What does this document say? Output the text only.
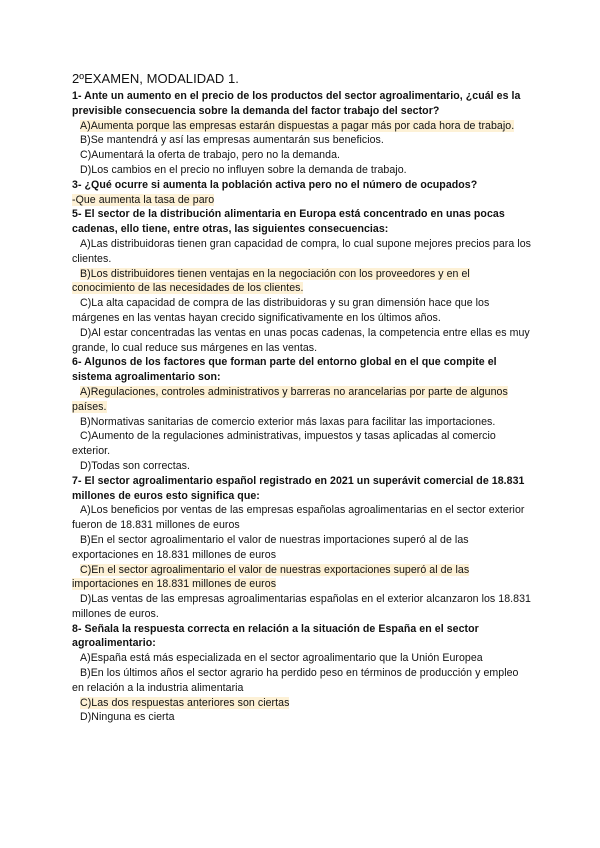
2ºEXAMEN, MODALIDAD 1.

1- Ante un aumento en el precio de los productos del sector agroalimentario, ¿cuál es la previsible consecuencia sobre la demanda del factor trabajo del sector?

A)Aumenta porque las empresas estarán dispuestas a pagar más por cada hora de trabajo.

B)Se mantendrá y así las empresas aumentarán sus beneficios.

C)Aumentará la oferta de trabajo, pero no la demanda.

D)Los cambios en el precio no influyen sobre la demanda de trabajo.

3- ¿Qué ocurre si aumenta la población activa pero no el número de ocupados?

-Que aumenta la tasa de paro

5- El sector de la distribución alimentaria en Europa está concentrado en unas pocas cadenas, ello tiene, entre otras, las siguientes consecuencias:

A)Las distribuidoras tienen gran capacidad de compra, lo cual supone mejores precios para los clientes.

B)Los distribuidores tienen ventajas en la negociación con los proveedores y en el conocimiento de las necesidades de los clientes.

C)La alta capacidad de compra de las distribuidoras y su gran dimensión hace que los márgenes en las ventas hayan crecido significativamente en los últimos años.

D)Al estar concentradas las ventas en unas pocas cadenas, la competencia entre ellas es muy grande, lo cual reduce sus márgenes en las ventas.

6- Algunos de los factores que forman parte del entorno global en el que compite el sistema agroalimentario son:

A)Regulaciones, controles administrativos y barreras no arancelarias por parte de algunos países.

B)Normativas sanitarias de comercio exterior más laxas para facilitar las importaciones.

C)Aumento de la regulaciones administrativas, impuestos y tasas aplicadas al comercio exterior.

D)Todas son correctas.

7- El sector agroalimentario español registrado en 2021 un superávit comercial de 18.831 millones de euros esto significa que:

A)Los beneficios por ventas de las empresas españolas agroalimentarias en el sector exterior fueron de 18.831 millones de euros

B)En el sector agroalimentario el valor de nuestras importaciones superó al de las exportaciones en 18.831 millones de euros

C)En el sector agroalimentario el valor de nuestras exportaciones superó al de las importaciones en 18.831 millones de euros

D)Las ventas de las empresas agroalimentarias españolas en el exterior alcanzaron los 18.831 millones de euros.

8- Señala la respuesta correcta en relación a la situación de España en el sector agroalimentario:

A)España está más especializada en el sector agroalimentario que la Unión Europea

B)En los últimos años el sector agrario ha perdido peso en términos de producción y empleo en relación a la industria alimentaria

C)Las dos respuestas anteriores son ciertas

D)Ninguna es cierta
